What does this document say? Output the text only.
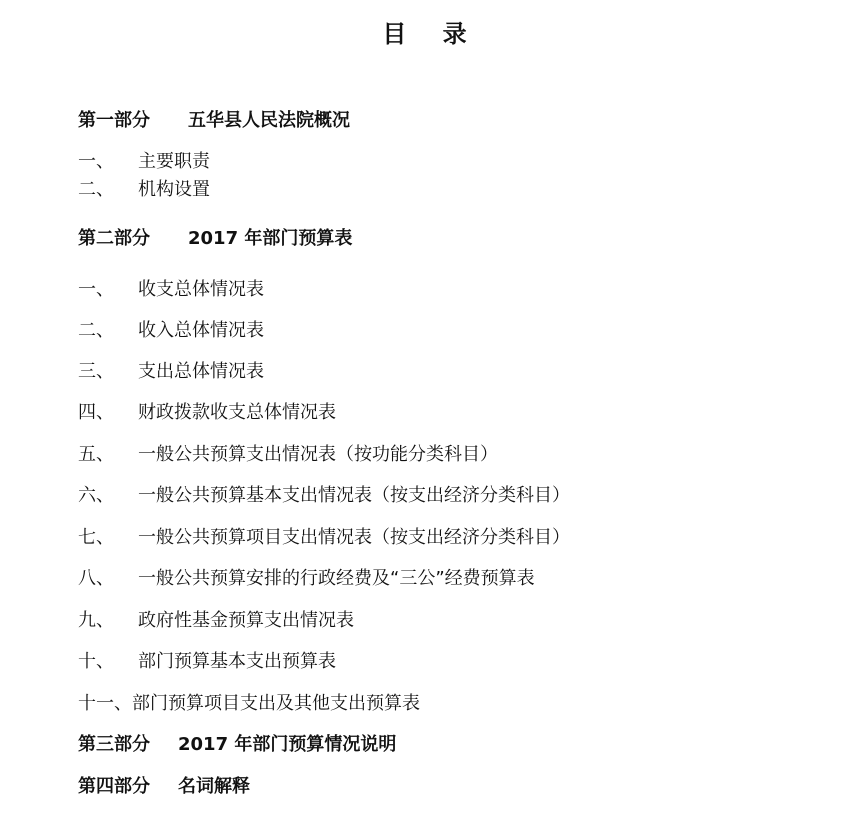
目 录
第一部分 五华县人民法院概况
一、 主要职责
二、 机构设置
第二部分 2017 年部门预算表
一、 收支总体情况表
二、 收入总体情况表
三、 支出总体情况表
四、 财政拨款收支总体情况表
五、 一般公共预算支出情况表（按功能分类科目）
六、 一般公共预算基本支出情况表（按支出经济分类科目）
七、 一般公共预算项目支出情况表（按支出经济分类科目）
八、 一般公共预算安排的行政经费及“三公”经费预算表
九、 政府性基金预算支出情况表
十、 部门预算基本支出预算表
十一、部门预算项目支出及其他支出预算表
第三部分 2017 年部门预算情况说明
第四部分 名词解释
